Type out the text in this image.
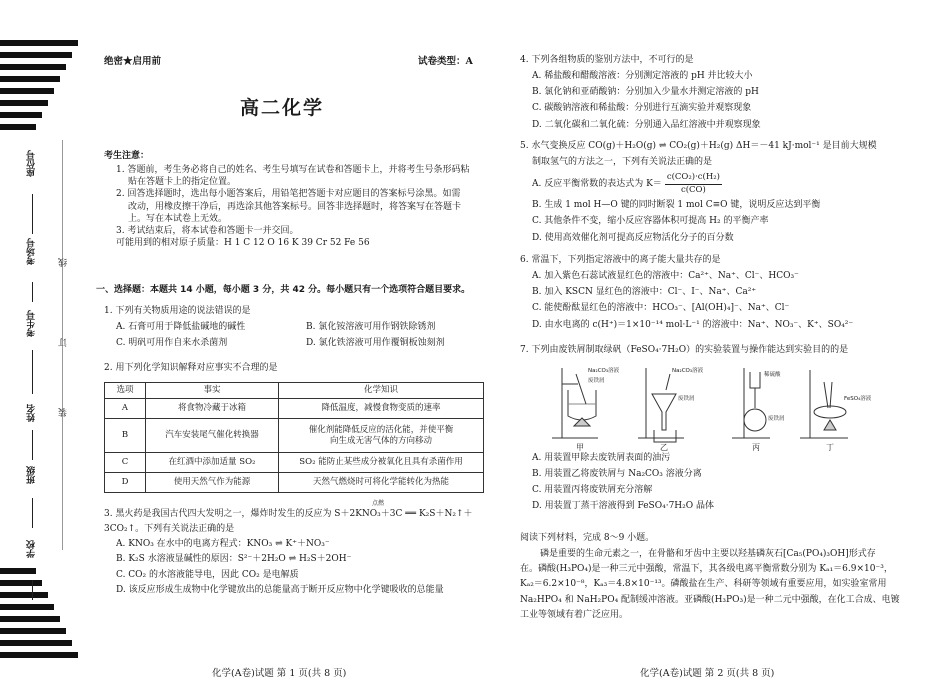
座位号
考场号
考生号
姓名
班级
学校
线
订
装
绝密★启用前	试卷类型：A
高二化学

考生注意：

1. 答题前，考生务必将自己的姓名、考生号填写在试卷和答题卡上，并将考生号条形码粘

贴在答题卡上的指定位置。

2. 回答选择题时，选出每小题答案后，用铅笔把答题卡对应题目的答案标号涂黑。如需

改动，用橡皮擦干净后，再选涂其他答案标号。回答非选择题时，将答案写在答题卡

上。写在本试卷上无效。

3. 考试结束后，将本试卷和答题卡一并交回。

可能用到的相对原子质量：H 1 C 12 O 16 K 39 Cr 52 Fe 56

一、选择题：本题共 14 小题，每小题 3 分，共 42 分。每小题只有一个选项符合题目要求。

1. 下列有关物质用途的说法错误的是

A. 石膏可用于降低盐碱地的碱性	B. 氯化铵溶液可用作钢铁除锈剂
C. 明矾可用作自来水杀菌剂	D. 氯化铁溶液可用作覆铜板蚀刻剂

2. 用下列化学知识解释对应事实不合理的是

选项	事实	化学知识
A	将食物冷藏于冰箱	降低温度，减慢食物变质的速率
B	汽车安装尾气催化转换器	催化剂能降低反应的活化能，并使平衡
向生成无害气体的方向移动
C	在红酒中添加适量 SO₂	SO₂ 能防止某些成分被氧化且具有杀菌作用
D	使用天然气作为能源	天然气燃烧时可将化学能转化为热能
点燃

3. 黑火药是我国古代四大发明之一，爆炸时发生的反应为 S＋2KNO₃＋3C ══ K₂S＋N₂↑＋

3CO₂↑。下列有关说法正确的是

A. KNO₃ 在水中的电离方程式：KNO₃ ⇌ K⁺＋NO₃⁻

B. K₂S 水溶液显碱性的原因：S²⁻＋2H₂O ⇌ H₂S＋2OH⁻

C. CO₂ 的水溶液能导电，因此 CO₂ 是电解质

D. 该反应形成生成物中化学键放出的总能量高于断开反应物中化学键吸收的总能量

化学(A卷)试题 第 1 页(共 8 页)

4. 下列各组物质的鉴别方法中，不可行的是

A. 稀盐酸和醋酸溶液：分别测定溶液的 pH 并比较大小

B. 氯化钠和亚硝酸钠：分别加入少量水并测定溶液的 pH

C. 碳酸钠溶液和稀盐酸：分别进行互滴实验并观察现象

D. 二氧化碳和二氧化硫：分别通入品红溶液中并观察现象

5. 水气变换反应 CO(g)＋H₂O(g) ⇌ CO₂(g)＋H₂(g) ΔH＝－41 kJ·mol⁻¹ 是目前大规模

制取氢气的方法之一，下列有关说法正确的是

A. 反应平衡常数的表达式为 K＝
c(CO₂)·c(H₂)
c(CO)

B. 生成 1 mol H—O 键的同时断裂 1 mol C≡O 键，说明反应达到平衡

C. 其他条件不变，缩小反应容器体积可提高 H₂ 的平衡产率

D. 使用高效催化剂可提高反应物活化分子的百分数

6. 常温下，下列指定溶液中的离子能大量共存的是

A. 加入紫色石蕊试液显红色的溶液中：Ca²⁺、Na⁺、Cl⁻、HCO₃⁻

B. 加入 KSCN 显红色的溶液中：Cl⁻、I⁻、Na⁺、Ca²⁺

C. 能使酚酞显红色的溶液中：HCO₃⁻、[Al(OH)₄]⁻、Na⁺、Cl⁻

D. 由水电离的 c(H⁺)＝1×10⁻¹⁴ mol·L⁻¹ 的溶液中：Na⁺、NO₃⁻、K⁺、SO₄²⁻

7. 下列由废铁屑制取绿矾（FeSO₄·7H₂O）的实验装置与操作能达到实验目的的是

Na₂CO₃溶液
废铁屑
Na₂CO₃溶液
废铁屑
稀硫酸
废铁屑
FeSO₄溶液
甲	乙	丙	丁

A. 用装置甲除去废铁屑表面的油污

B. 用装置乙将废铁屑与 Na₂CO₃ 溶液分离

C. 用装置丙将废铁屑充分溶解

D. 用装置丁蒸干溶液得到 FeSO₄·7H₂O 晶体

阅读下列材料，完成 8～9 小题。

磷是重要的生命元素之一，在骨骼和牙齿中主要以羟基磷灰石[Ca₅(PO₄)₃OH]形式存

在。磷酸(H₃PO₄)是一种三元中强酸，常温下，其各级电离平衡常数分别为 Kₐ₁＝6.9×10⁻³，

Kₐ₂＝6.2×10⁻⁸，Kₐ₃＝4.8×10⁻¹³。磷酸盐在生产、科研等领域有重要应用，如实验室常用

Na₂HPO₄ 和 NaH₂PO₄ 配制缓冲溶液。亚磷酸(H₃PO₃)是一种二元中强酸，在化工合成、电镀

工业等领域有着广泛应用。

化学(A卷)试题 第 2 页(共 8 页)
